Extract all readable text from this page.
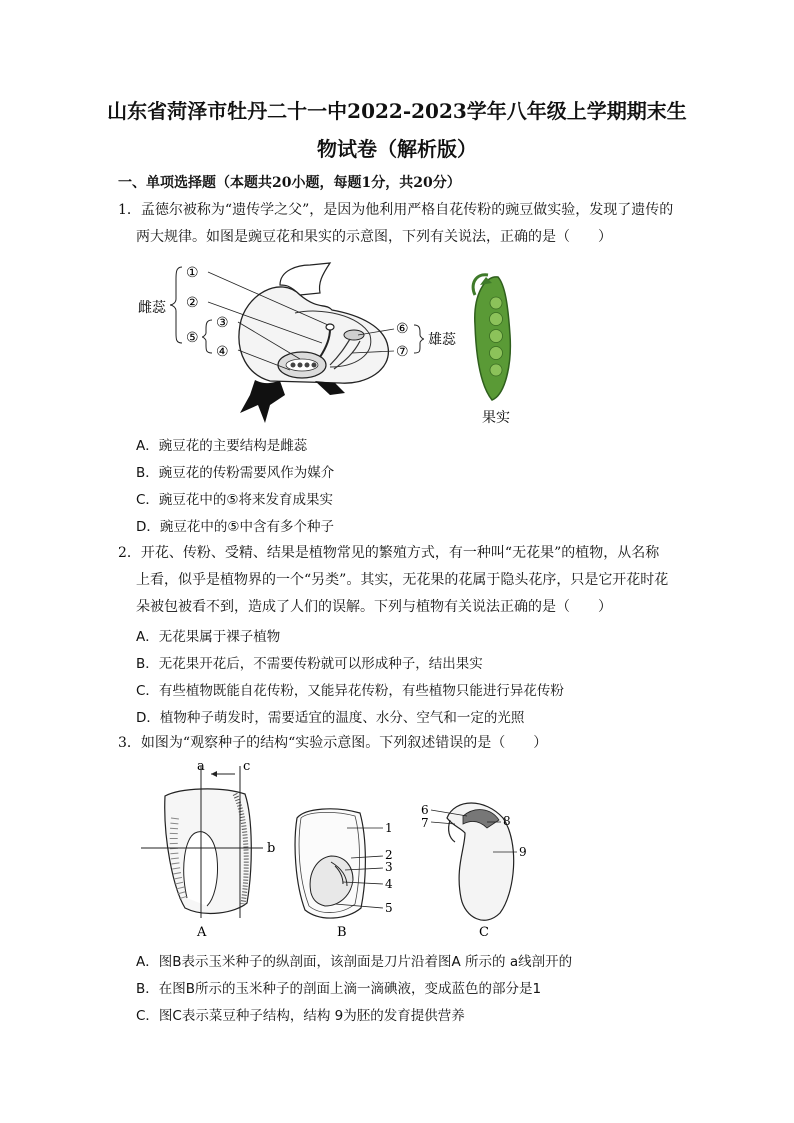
山东省菏泽市牡丹二十一中2022-2023学年八年级上学期期末生
物试卷（解析版）
一、单项选择题（本题共20小题，每题1分，共20分）
1．孟德尔被称为“遗传学之父”，是因为他利用严格自花传粉的豌豆做实验，发现了遗传的
两大规律。如图是豌豆花和果实的示意图，下列有关说法，正确的是（　　）
①
②
③
⑤
④
⑥
⑦
雌蕊
雄蕊
果实
A．豌豆花的主要结构是雌蕊
B．豌豆花的传粉需要风作为媒介
C．豌豆花中的⑤将来发育成果实
D．豌豆花中的⑤中含有多个种子
2．开花、传粉、受精、结果是植物常见的繁殖方式，有一种叫“无花果”的植物，从名称
上看，似乎是植物界的一个“另类”。其实，无花果的花属于隐头花序，只是它开花时花
朵被包被看不到，造成了人们的误解。下列与植物有关说法正确的是（　　）
A．无花果属于裸子植物
B．无花果开花后，不需要传粉就可以形成种子，结出果实
C．有些植物既能自花传粉，又能异花传粉，有些植物只能进行异花传粉
D．植物种子萌发时，需要适宜的温度、水分、空气和一定的光照
3．如图为“观察种子的结构“实验示意图。下列叙述错误的是（　　）
a	c
b
A
1
2
3
4
5
B
6
7	8
9
C
A．图B表示玉米种子的纵剖面，该剖面是刀片沿着图A 所示的 a线剖开的
B．在图B所示的玉米种子的剖面上滴一滴碘液，变成蓝色的部分是1
C．图C表示菜豆种子结构，结构 9为胚的发育提供营养
